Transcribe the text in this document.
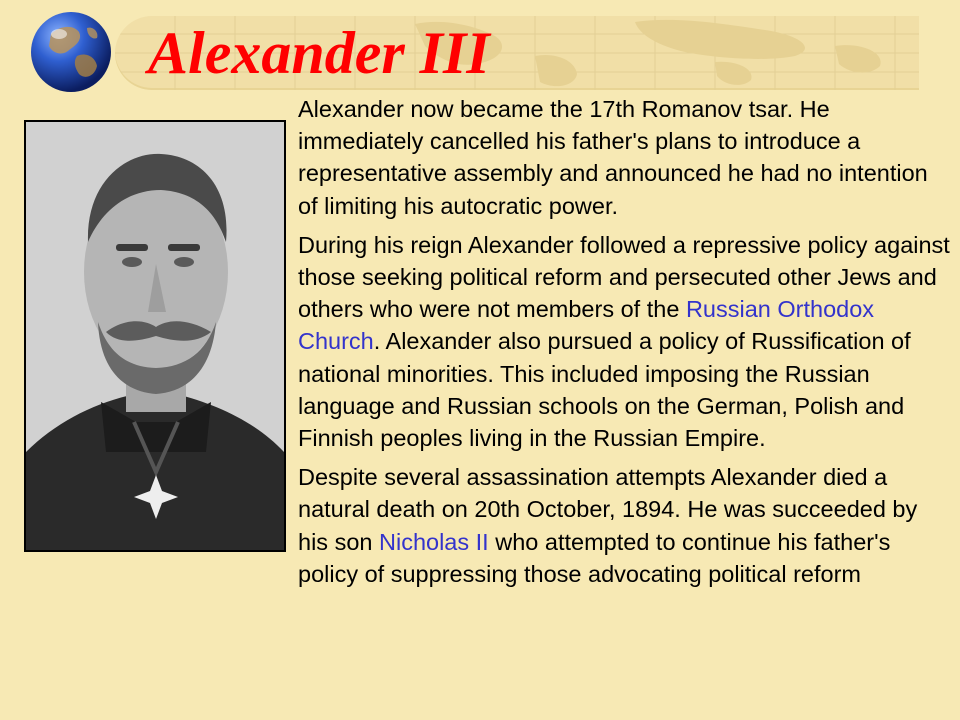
Alexander III

Alexander now became the 17th Romanov tsar. He immediately cancelled his father's plans to introduce a representative assembly and announced he had no intention of limiting his autocratic power.

During his reign Alexander followed a repressive policy against those seeking political reform and persecuted other Jews and others who were not members of the Russian Orthodox Church. Alexander also pursued a policy of Russification of national minorities. This included imposing the Russian language and Russian schools on the German, Polish and Finnish peoples living in the Russian Empire.

Despite several assassination attempts Alexander died a natural death on 20th October, 1894. He was succeeded by his son Nicholas II who attempted to continue his father's policy of suppressing those advocating political reform
